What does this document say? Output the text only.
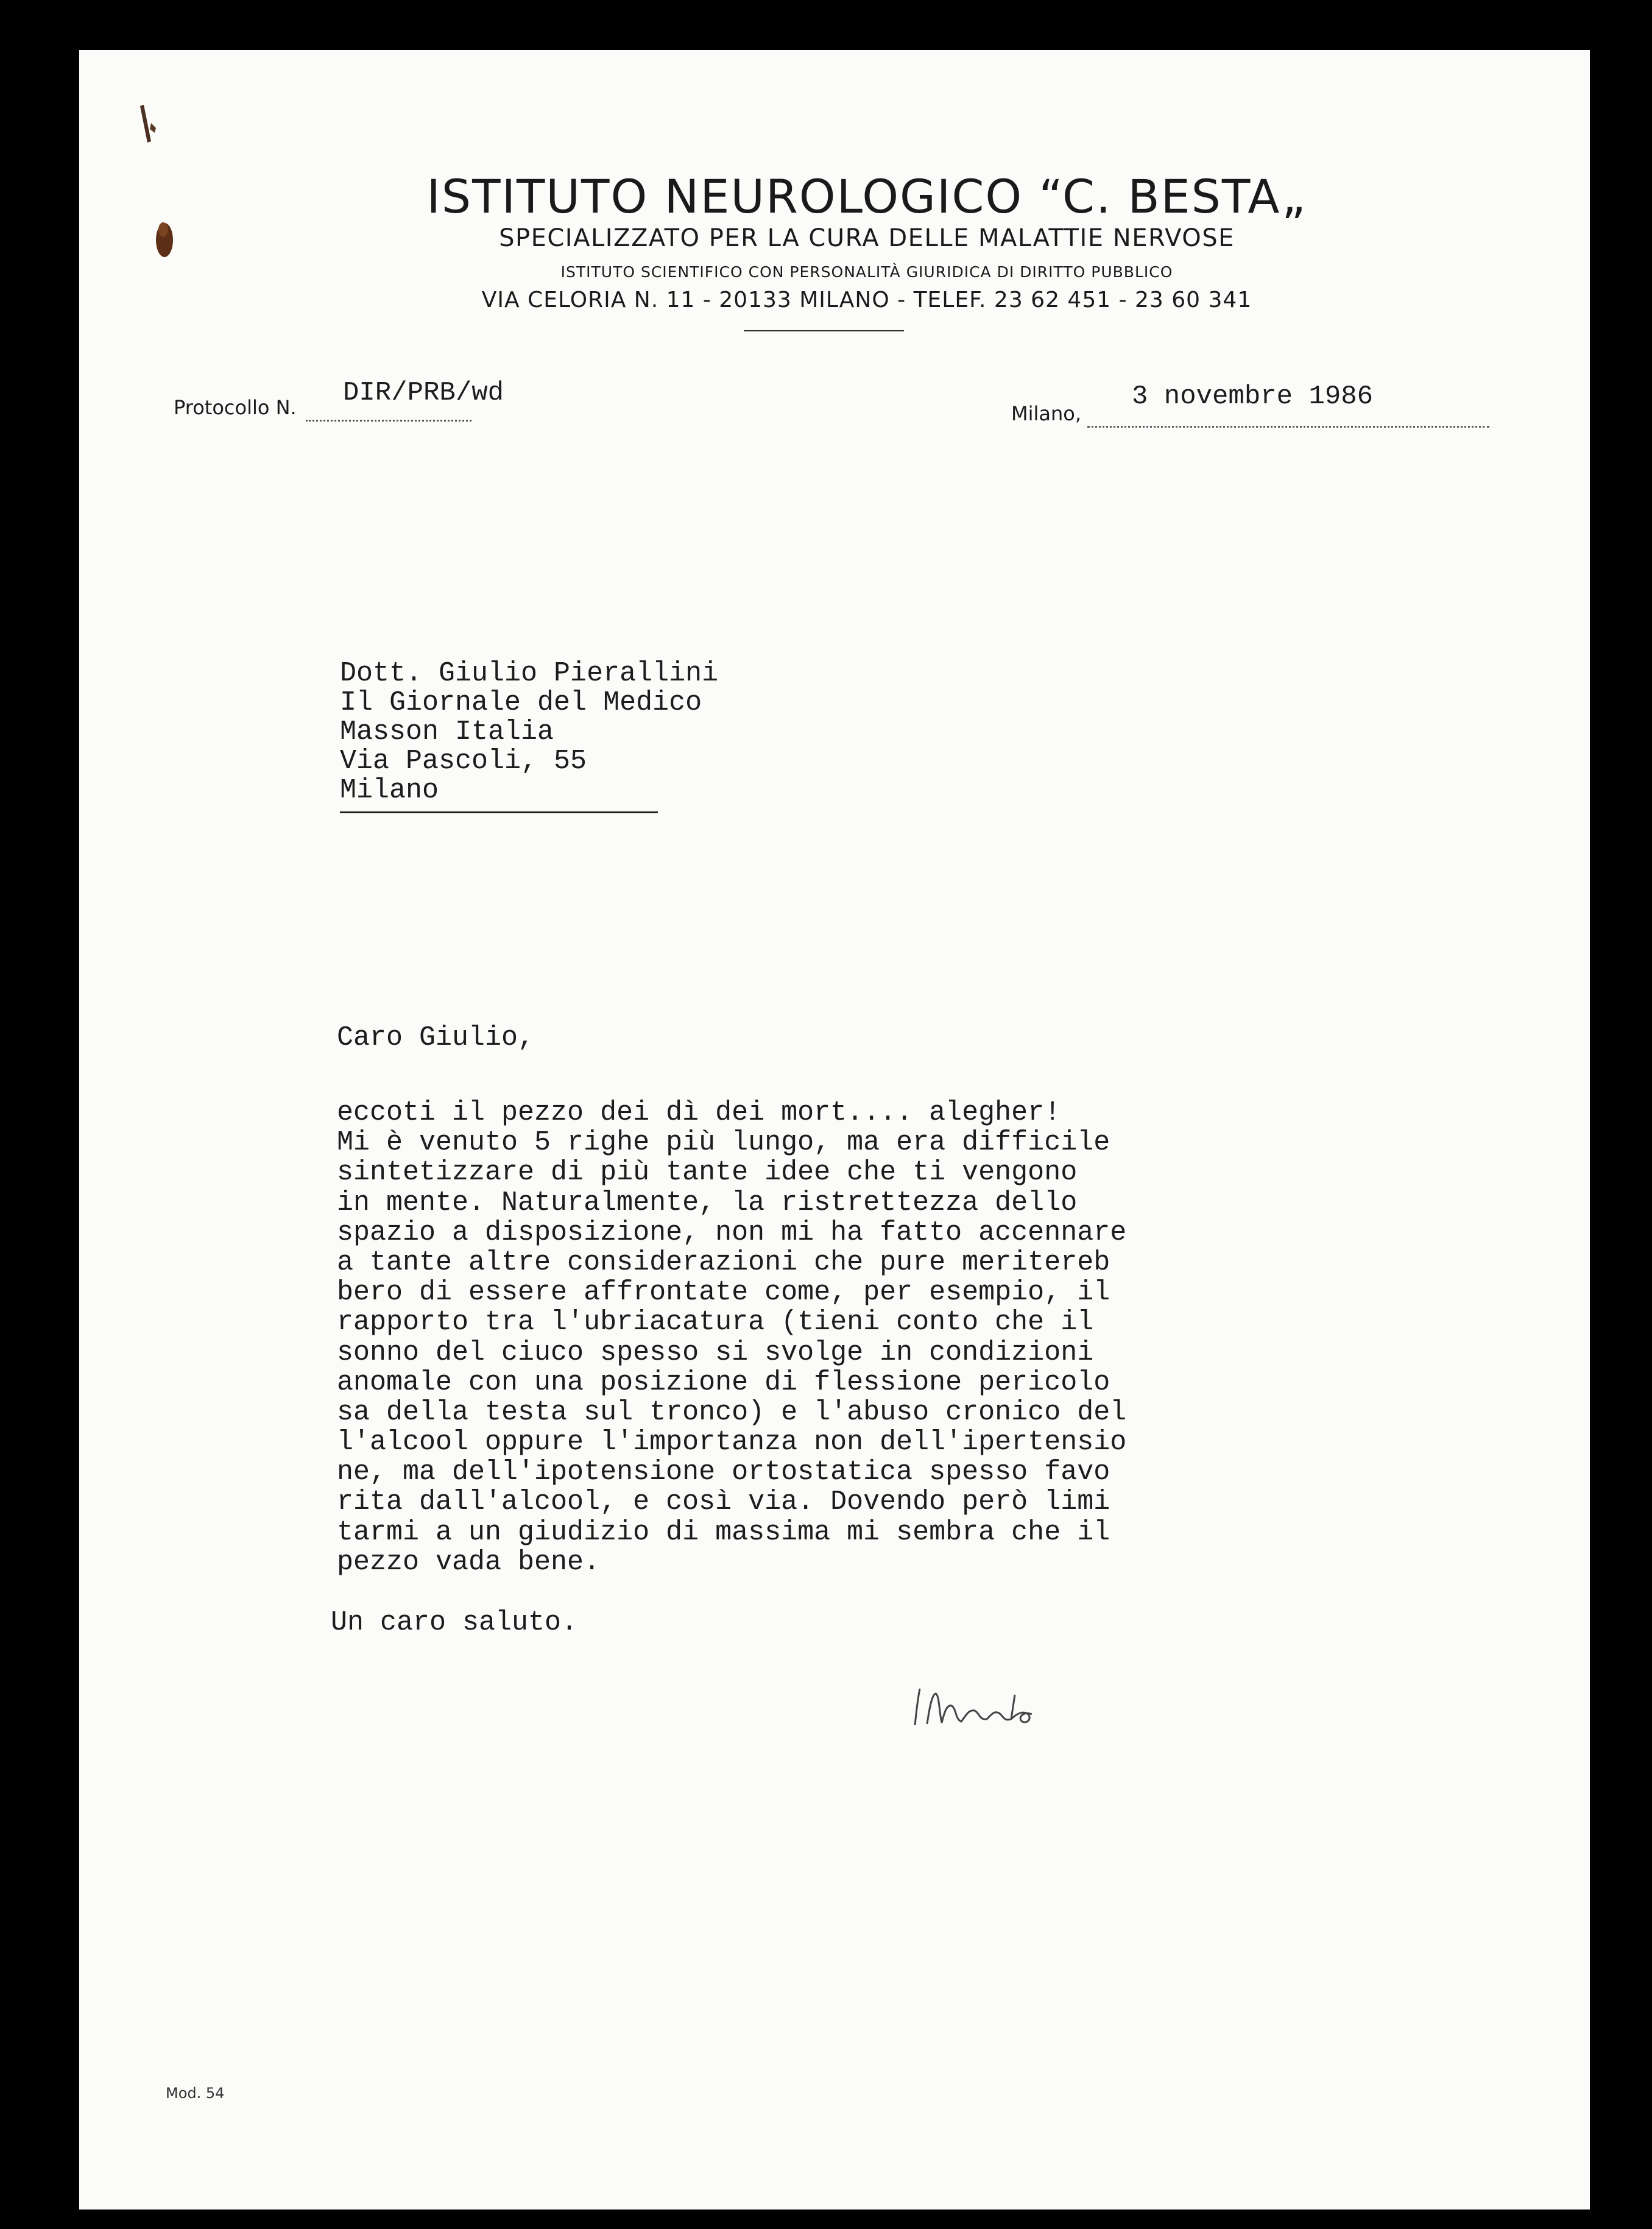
ISTITUTO NEUROLOGICO “C. BESTA„
SPECIALIZZATO PER LA CURA DELLE MALATTIE NERVOSE
ISTITUTO SCIENTIFICO CON PERSONALITÀ GIURIDICA DI DIRITTO PUBBLICO
VIA CELORIA N. 11 - 20133 MILANO - TELEF. 23 62 451 - 23 60 341
Protocollo N. DIR/PRB/wd
Milano,
3 novembre 1986
Dott. Giulio Pierallini
Il Giornale del Medico
Masson Italia
Via Pascoli, 55
Milano
Caro Giulio,
eccoti il pezzo dei dì dei mort.... alegher!
Mi è venuto 5 righe più lungo, ma era difficile
sintetizzare di più tante idee che ti vengono
in mente. Naturalmente, la ristrettezza dello
spazio a disposizione, non mi ha fatto accennare
a tante altre considerazioni che pure meritereb
bero di essere affrontate come, per esempio, il
rapporto tra l'ubriacatura (tieni conto che il
sonno del ciuco spesso si svolge in condizioni
anomale con una posizione di flessione pericolo
sa della testa sul tronco) e l'abuso cronico del
l'alcool oppure l'importanza non dell'ipertensio
ne, ma dell'ipotensione ortostatica spesso favo
rita dall'alcool, e così via. Dovendo però limi
tarmi a un giudizio di massima mi sembra che il
pezzo vada bene.
Un caro saluto.
Mod. 54
